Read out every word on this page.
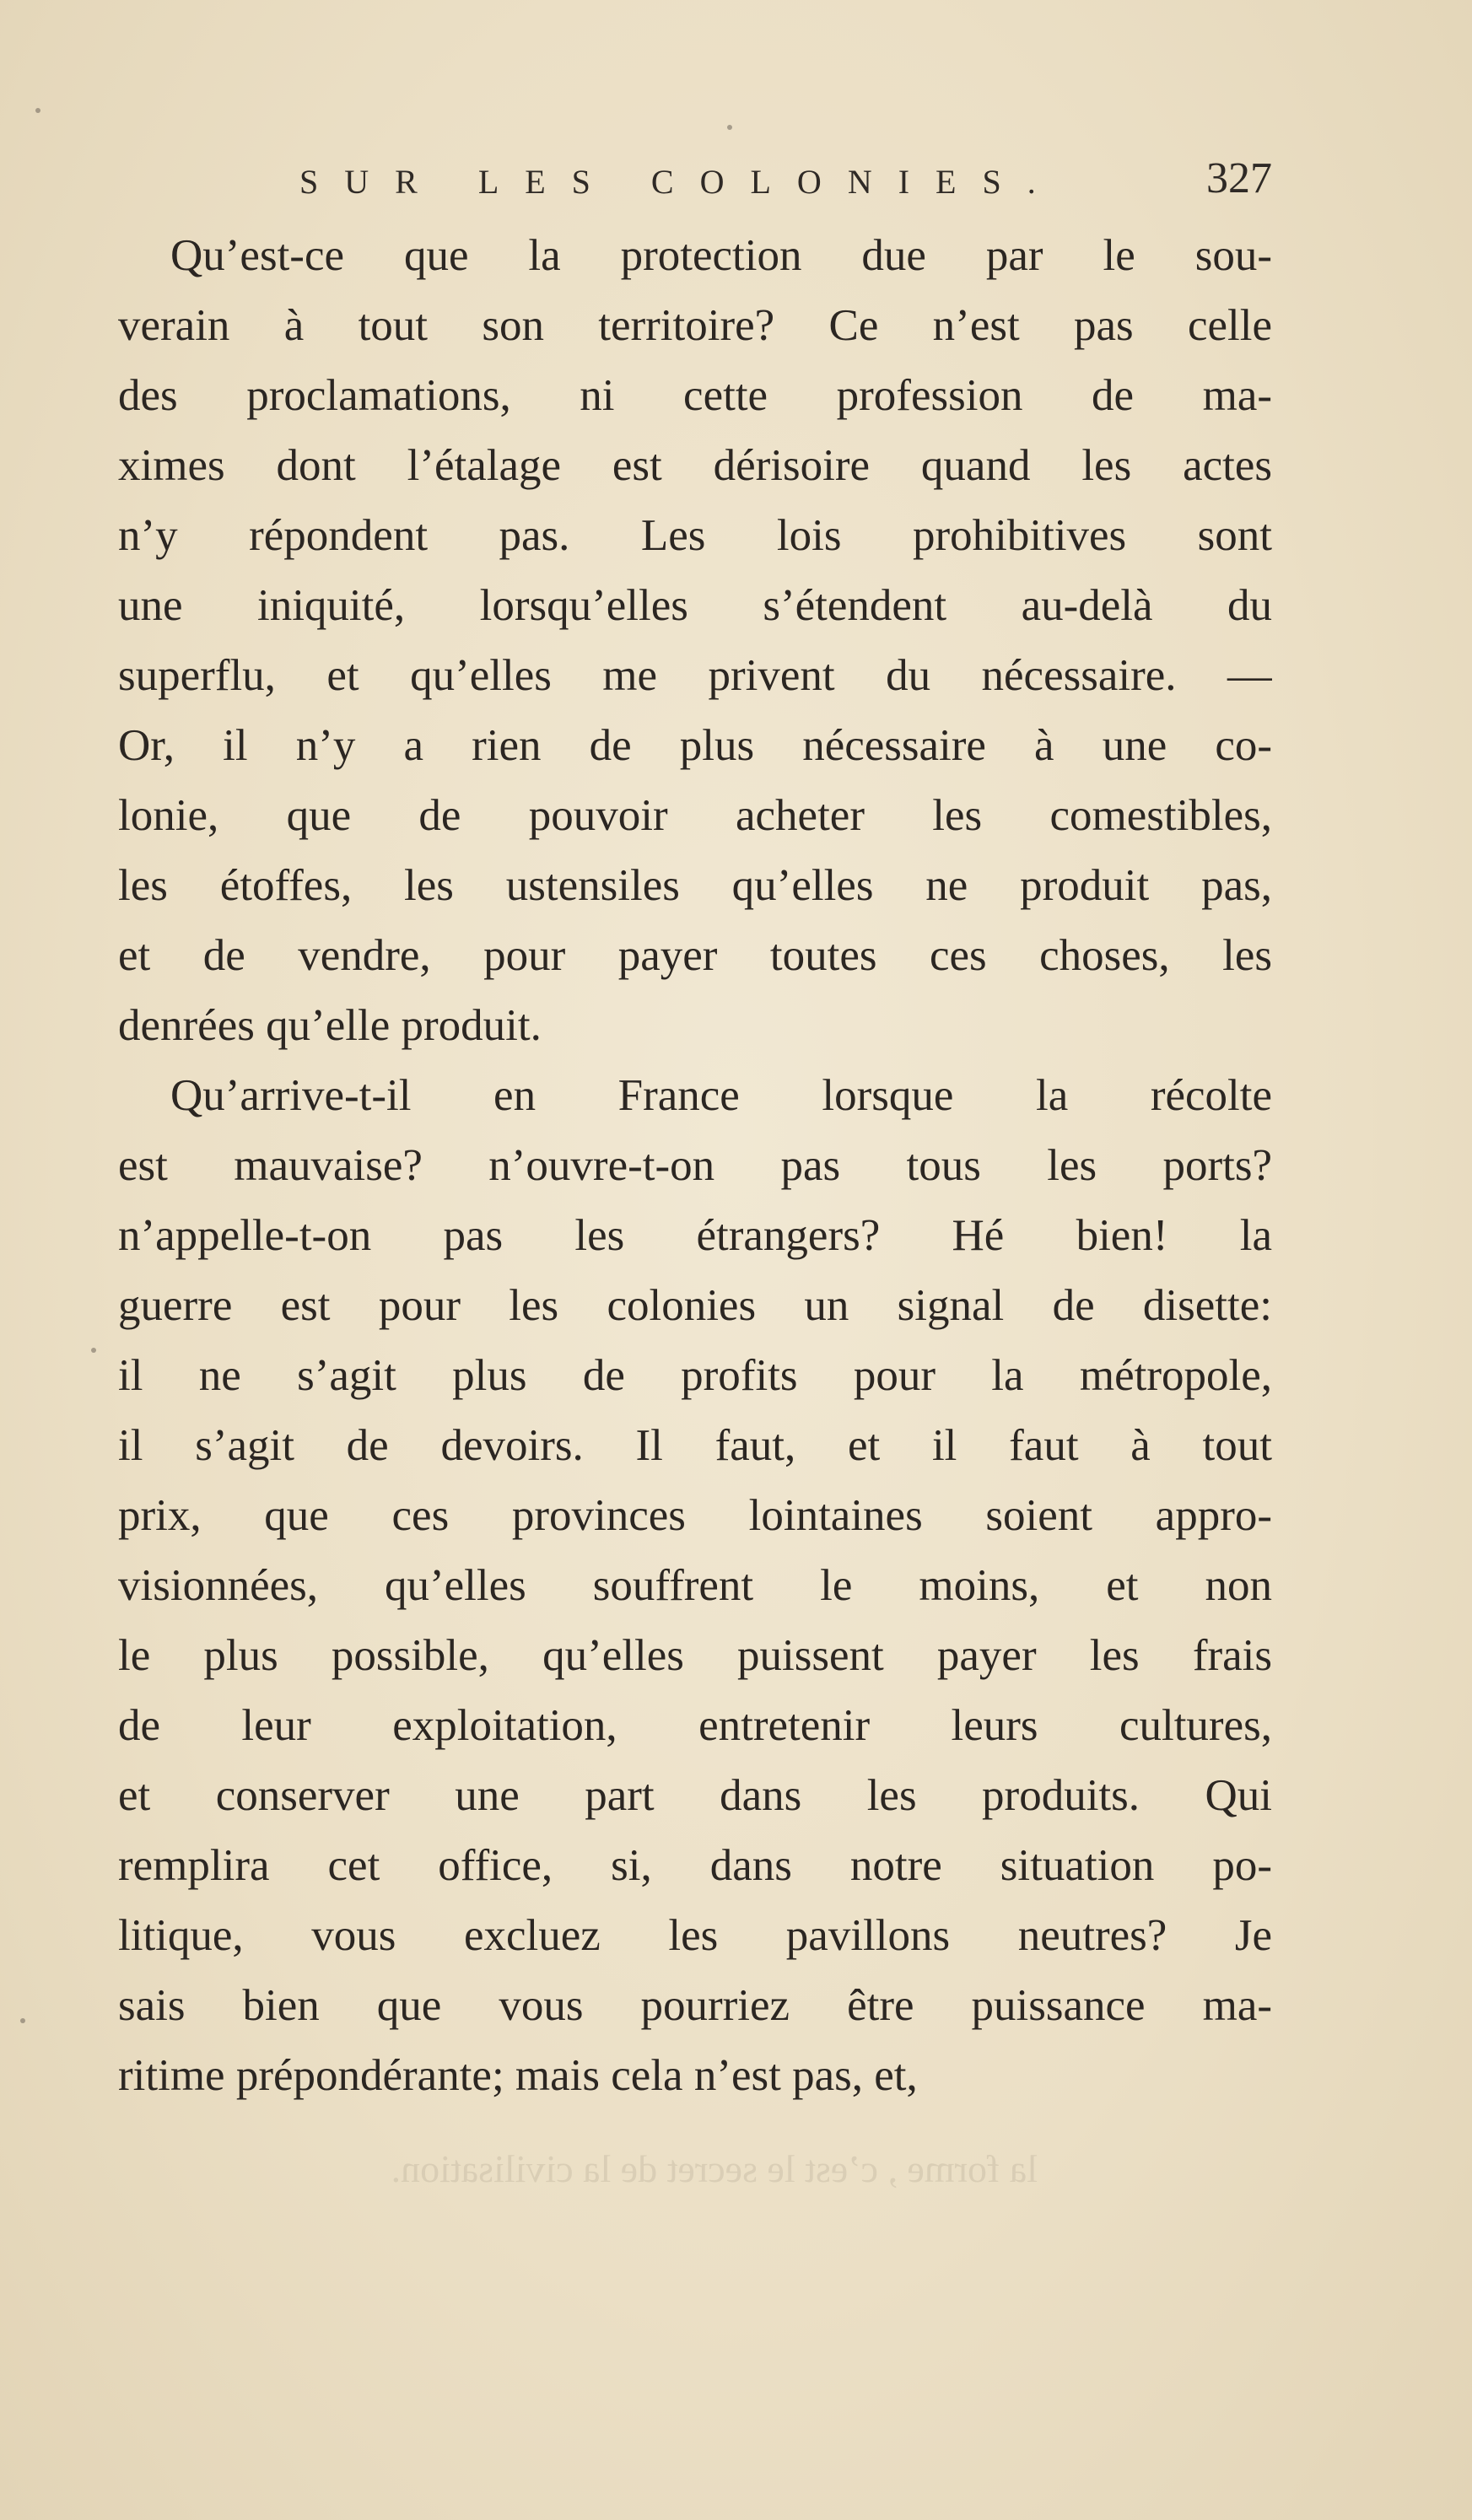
SUR LES COLONIES.	327
Qu’est-ce que la protection due par le sou-
verain à tout son territoire? Ce n’est pas celle
des proclamations, ni cette profession de ma-
ximes dont l’étalage est dérisoire quand les actes
n’y répondent pas. Les lois prohibitives sont
une iniquité, lorsqu’elles s’étendent au-delà du
superflu, et qu’elles me privent du nécessaire. —
Or, il n’y a rien de plus nécessaire à une co-
lonie, que de pouvoir acheter les comestibles,
les étoffes, les ustensiles qu’elles ne produit pas,
et de vendre, pour payer toutes ces choses, les
denrées qu’elle produit.
Qu’arrive-t-il en France lorsque la récolte
est mauvaise? n’ouvre-t-on pas tous les ports?
n’appelle-t-on pas les étrangers? Hé bien! la
guerre est pour les colonies un signal de disette:
il ne s’agit plus de profits pour la métropole,
il s’agit de devoirs. Il faut, et il faut à tout
prix, que ces provinces lointaines soient appro-
visionnées, qu’elles souffrent le moins, et non
le plus possible, qu’elles puissent payer les frais
de leur exploitation, entretenir leurs cultures,
et conserver une part dans les produits. Qui
remplira cet office, si, dans notre situation po-
litique, vous excluez les pavillons neutres? Je
sais bien que vous pourriez être puissance ma-
ritime prépondérante; mais cela n’est pas, et,
la forme , c’est le secret de la civilisation.
